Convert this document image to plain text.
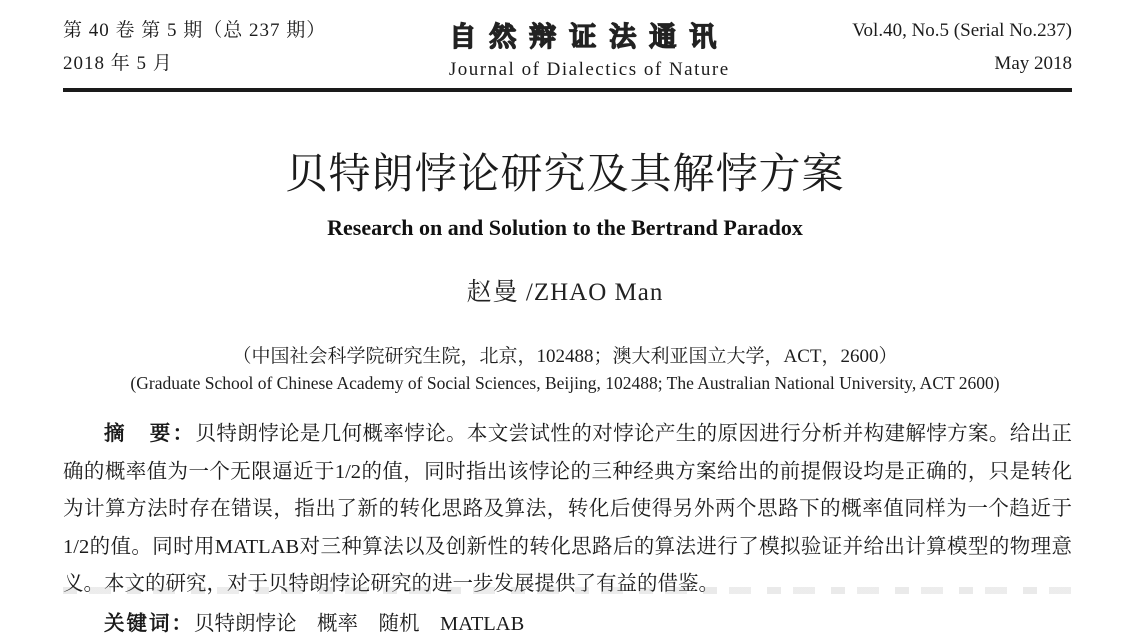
第 40 卷 第 5 期（总 237 期）
2018 年 5 月
自然辩证法通讯
Journal of Dialectics of Nature
Vol.40, No.5 (Serial No.237)
May 2018
贝特朗悖论研究及其解悖方案
Research on and Solution to the Bertrand Paradox
赵曼 /ZHAO Man
（中国社会科学院研究生院，北京，102488；澳大利亚国立大学，ACT，2600）
(Graduate School of Chinese Academy of Social Sciences, Beijing, 102488; The Australian National University, ACT 2600)

摘　要：贝特朗悖论是几何概率悖论。本文尝试性的对悖论产生的原因进行分析并构建解悖方案。给出正确的概率值为一个无限逼近于1/2的值，同时指出该悖论的三种经典方案给出的前提假设均是正确的，只是转化为计算方法时存在错误，指出了新的转化思路及算法，转化后使得另外两个思路下的概率值同样为一个趋近于1/2的值。同时用MATLAB对三种算法以及创新性的转化思路后的算法进行了模拟验证并给出计算模型的物理意义。本文的研究，对于贝特朗悖论研究的进一步发展提供了有益的借鉴。

关键词：贝特朗悖论　概率　随机　MATLAB
